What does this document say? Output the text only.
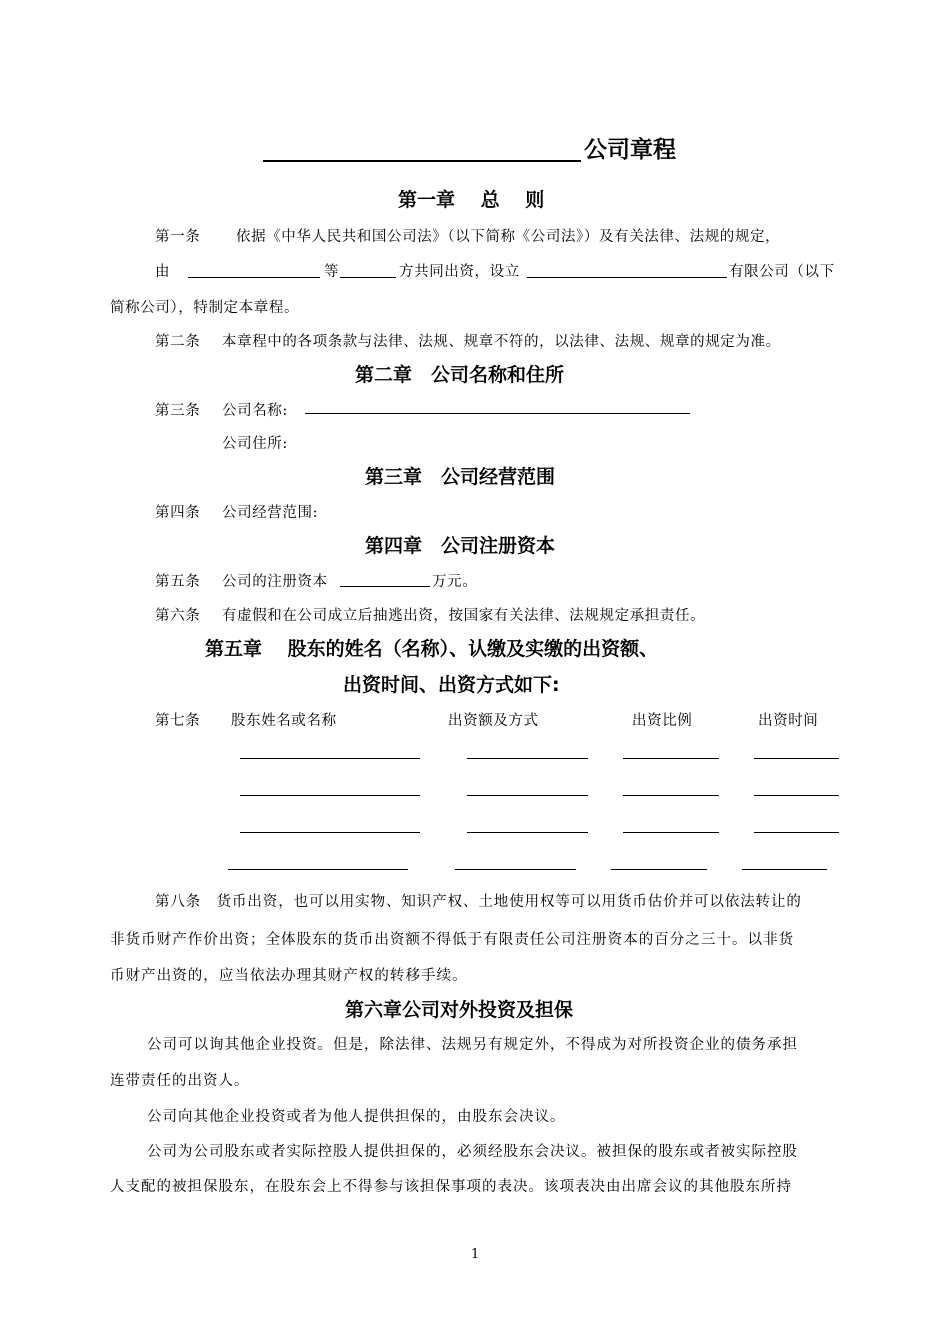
公司章程
第一章　 总　 则
第一条 依据《中华人民共和国公司法》（以下简称《公司法》）及有关法律、法规的规定，
由	等	方共同出资，设立	有限公司（以下
简称公司），特制定本章程。
第二条 本章程中的各项条款与法律、法规、规章不符的，以法律、法规、规章的规定为准。
第二章　公司名称和住所
第三条 公司名称:
公司住所:
第三章　公司经营范围
第四条 公司经营范围:
第四章　公司注册资本
第五条 公司的注册资本	万元。
第六条 有虚假和在公司成立后抽逃出资，按国家有关法律、法规规定承担责任。
第五章　 股东的姓名（名称）、认缴及实缴的出资额、
出资时间、出资方式如下:
第七条 股东姓名或名称	出资额及方式	出资比例	出资时间
第八条　货币出资，也可以用实物、知识产权、土地使用权等可以用货币估价并可以依法转让的
非货币财产作价出资；全体股东的货币出资额不得低于有限责任公司注册资本的百分之三十。以非货
币财产出资的，应当依法办理其财产权的转移手续。
第六章公司对外投资及担保
公司可以询其他企业投资。但是，除法律、法规另有规定外，不得成为对所投资企业的债务承担
连带责任的出资人。
公司向其他企业投资或者为他人提供担保的，由股东会决议。
公司为公司股东或者实际控股人提供担保的，必须经股东会决议。被担保的股东或者被实际控股
人支配的被担保股东，在股东会上不得参与该担保事项的表决。该项表决由出席会议的其他股东所持
1
